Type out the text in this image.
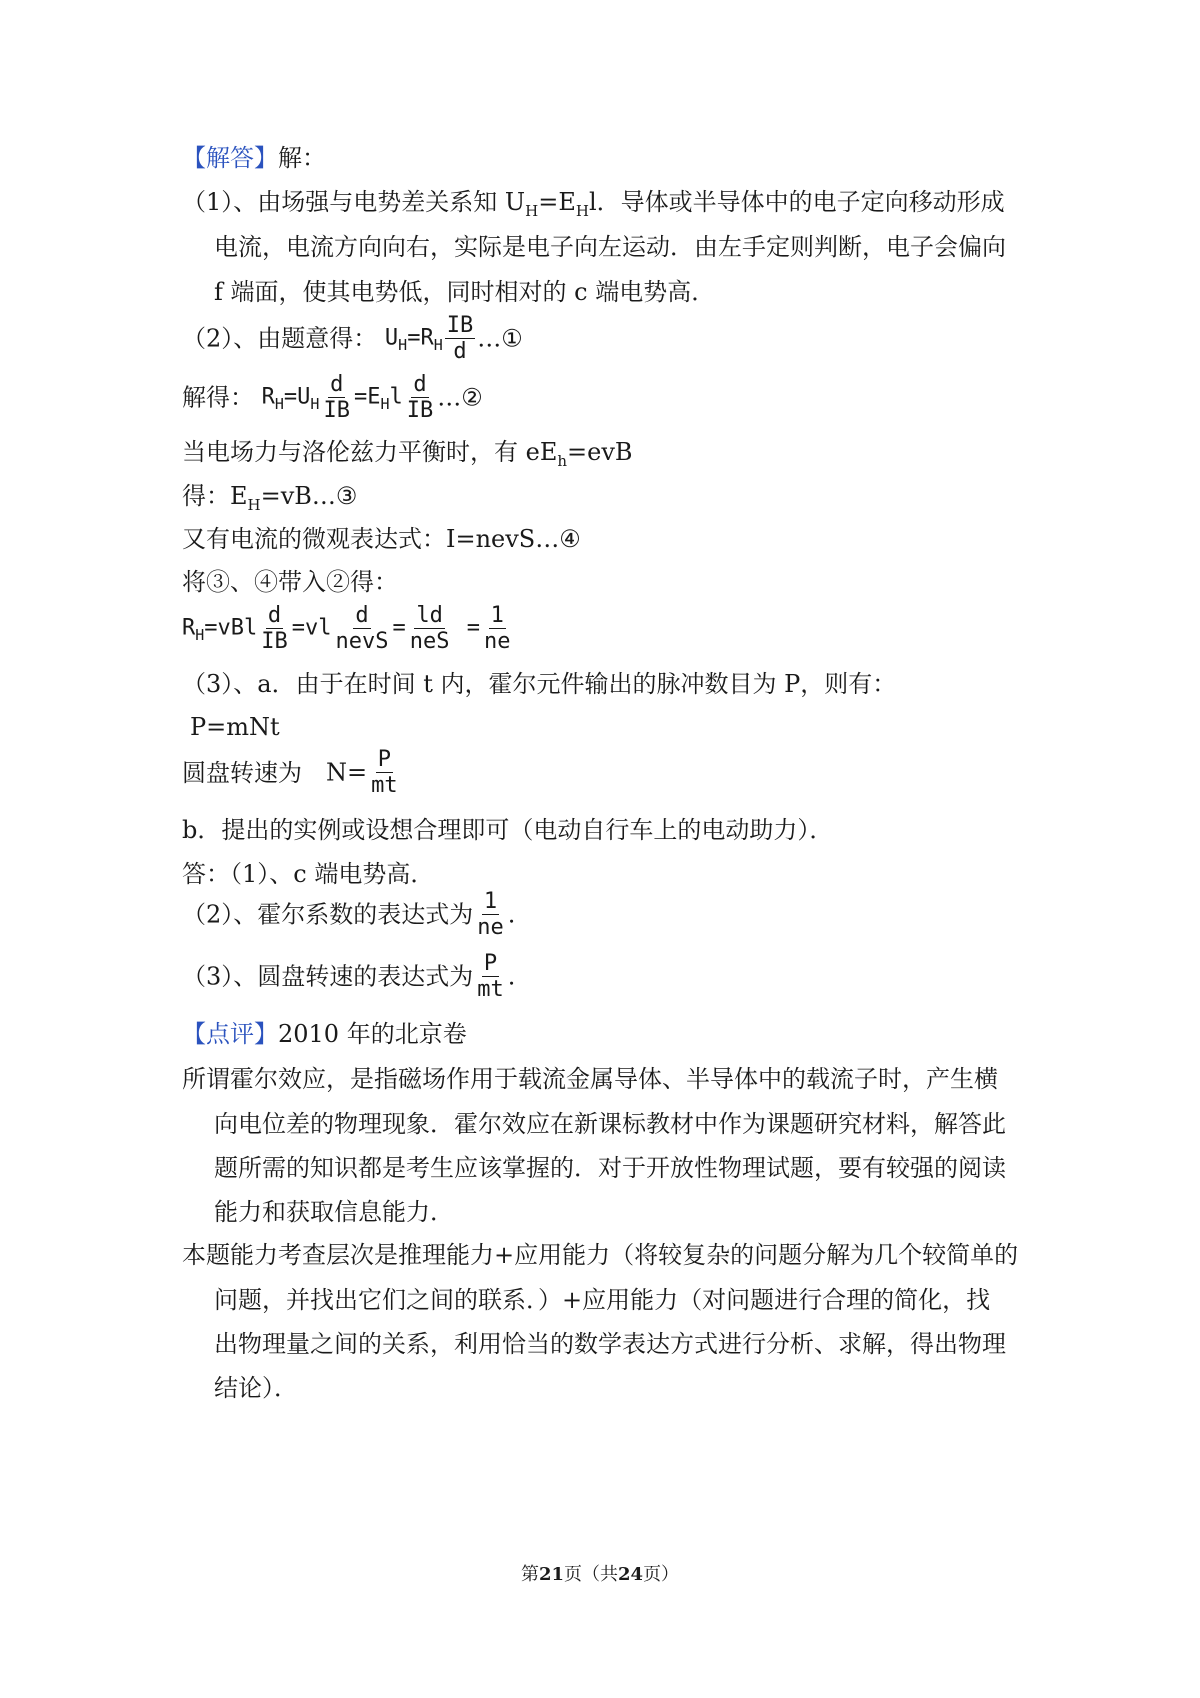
【解答】解：
（1）、由场强与电势差关系知 $U_H=E_Hl$．导体或半导体中的电子定向移动形成
电流，电流方向向右，实际是电子向左运动．由左手定则判断，电子会偏向
f 端面，使其电势低，同时相对的 c 端电势高．
（2）、由题意得： $U_H=R_H \frac{IB}{d}$ …①
解得： $R_H=U_H \frac{d}{IB} =E_Hl \frac{d}{IB}$ …②
当电场力与洛伦兹力平衡时，有 $eE_h=evB$
得：$E_H=vB\dots ③$
又有电流的微观表达式：I=nevS…④
将③、④带入②得：
$R_H=vBl \frac{d}{IB} =vl \frac{d}{\text{nevS}} = \frac{ld}{\text{neS}} = \frac{1}{ne}$
（3）、a．由于在时间 t 内，霍尔元件输出的脉冲数目为 P，则有：
P=mNt
圆盘转速为 $N= \frac{P}{mt}$
b．提出的实例或设想合理即可（电动自行车上的电动助力）．
答：（1）、c 端电势高．
（2）、霍尔系数的表达式为 $\frac{1}{ne}$ .
（3）、圆盘转速的表达式为 $\frac{P}{mt}$ .
【点评】2010 年的北京卷
所谓霍尔效应，是指磁场作用于载流金属导体、半导体中的载流子时，产生横
向电位差的物理现象．霍尔效应在新课标教材中作为课题研究材料，解答此
题所需的知识都是考生应该掌握的．对于开放性物理试题，要有较强的阅读
能力和获取信息能力．
本题能力考查层次是推理能力+应用能力（将较复杂的问题分解为几个较简单的
问题，并找出它们之间的联系．）+应用能力（对问题进行合理的简化，找
出物理量之间的关系，利用恰当的数学表达方式进行分析、求解，得出物理
结论）．
第21页（共24页）
